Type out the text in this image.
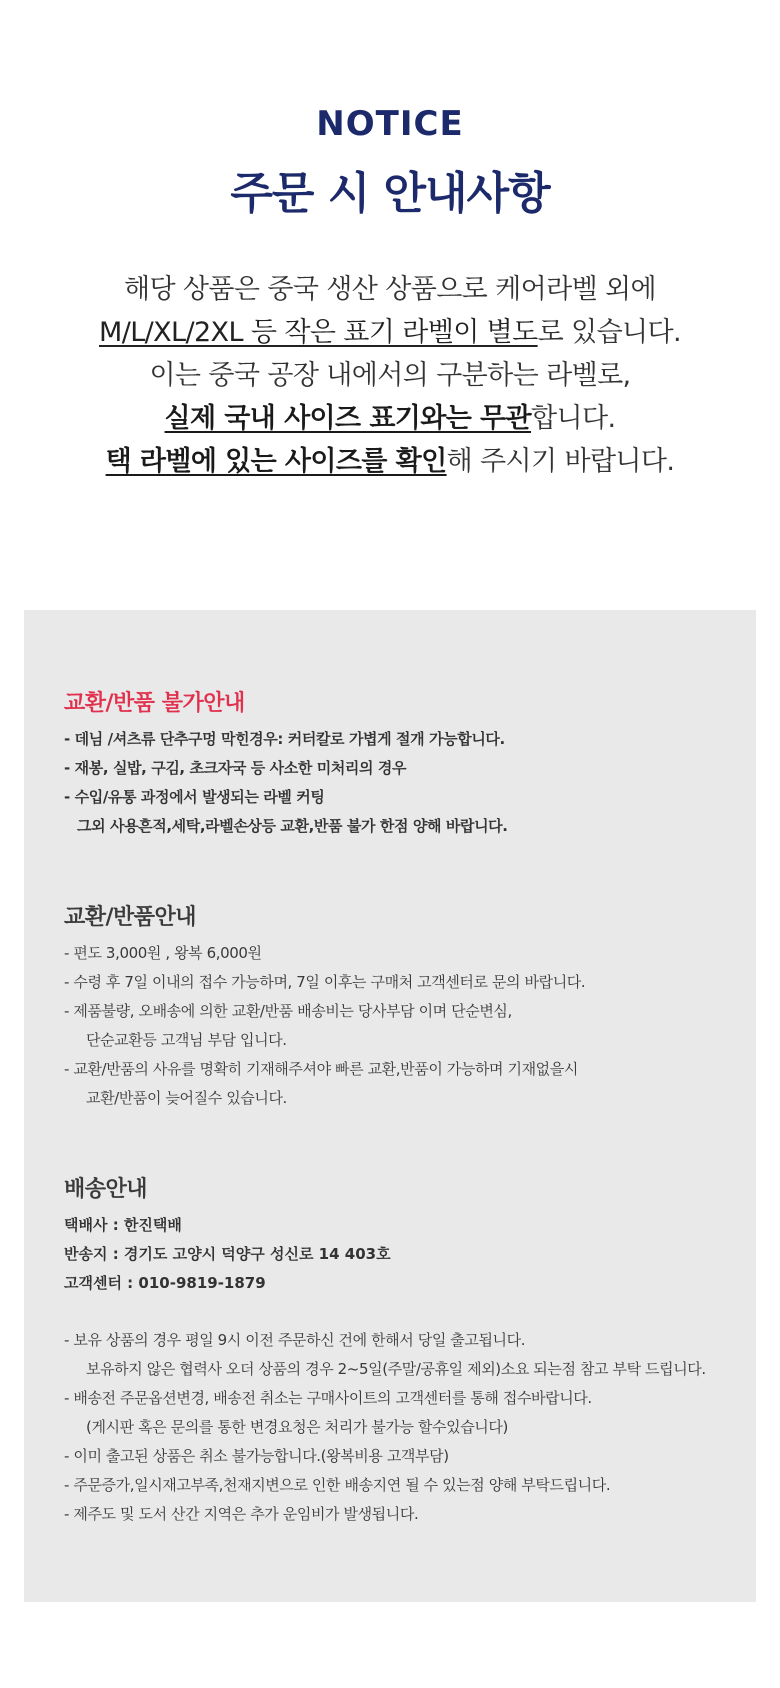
NOTICE
주문 시 안내사항
해당 상품은 중국 생산 상품으로 케어라벨 외에
M/L/XL/2XL 등 작은 표기 라벨이 별도로 있습니다.
이는 중국 공장 내에서의 구분하는 라벨로,
실제 국내 사이즈 표기와는 무관합니다.
택 라벨에 있는 사이즈를 확인해 주시기 바랍니다.
교환/반품 불가안내
- 데님 /셔츠류 단추구멍 막힌경우: 커터칼로 가볍게 절개 가능합니다.
- 재봉, 실밥, 구김, 초크자국 등 사소한 미처리의 경우
- 수입/유통 과정에서 발생되는 라벨 커팅
그외 사용흔적,세탁,라벨손상등 교환,반품 불가 한점 양해 바랍니다.
교환/반품안내
- 편도 3,000원 , 왕복 6,000원
- 수령 후 7일 이내의 접수 가능하며, 7일 이후는 구매처 고객센터로 문의 바랍니다.
- 제품불량, 오배송에 의한 교환/반품 배송비는 당사부담 이며 단순변심,
단순교환등 고객님 부담 입니다.
- 교환/반품의 사유를 명확히 기재해주셔야 빠른 교환,반품이 가능하며 기재없을시
교환/반품이 늦어질수 있습니다.
배송안내
택배사 : 한진택배
반송지 : 경기도 고양시 덕양구 성신로 14 403호
고객센터 : 010-9819-1879
- 보유 상품의 경우 평일 9시 이전 주문하신 건에 한해서 당일 출고됩니다.
보유하지 않은 협력사 오더 상품의 경우 2~5일(주말/공휴일 제외)소요 되는점 참고 부탁 드립니다.
- 배송전 주문옵션변경, 배송전 취소는 구매사이트의 고객센터를 통해 접수바랍니다.
(게시판 혹은 문의를 통한 변경요청은 처리가 불가능 할수있습니다)
- 이미 출고된 상품은 취소 불가능합니다.(왕복비용 고객부담)
- 주문증가,일시재고부족,천재지변으로 인한 배송지연 될 수 있는점 양해 부탁드립니다.
- 제주도 및 도서 산간 지역은 추가 운임비가 발생됩니다.
